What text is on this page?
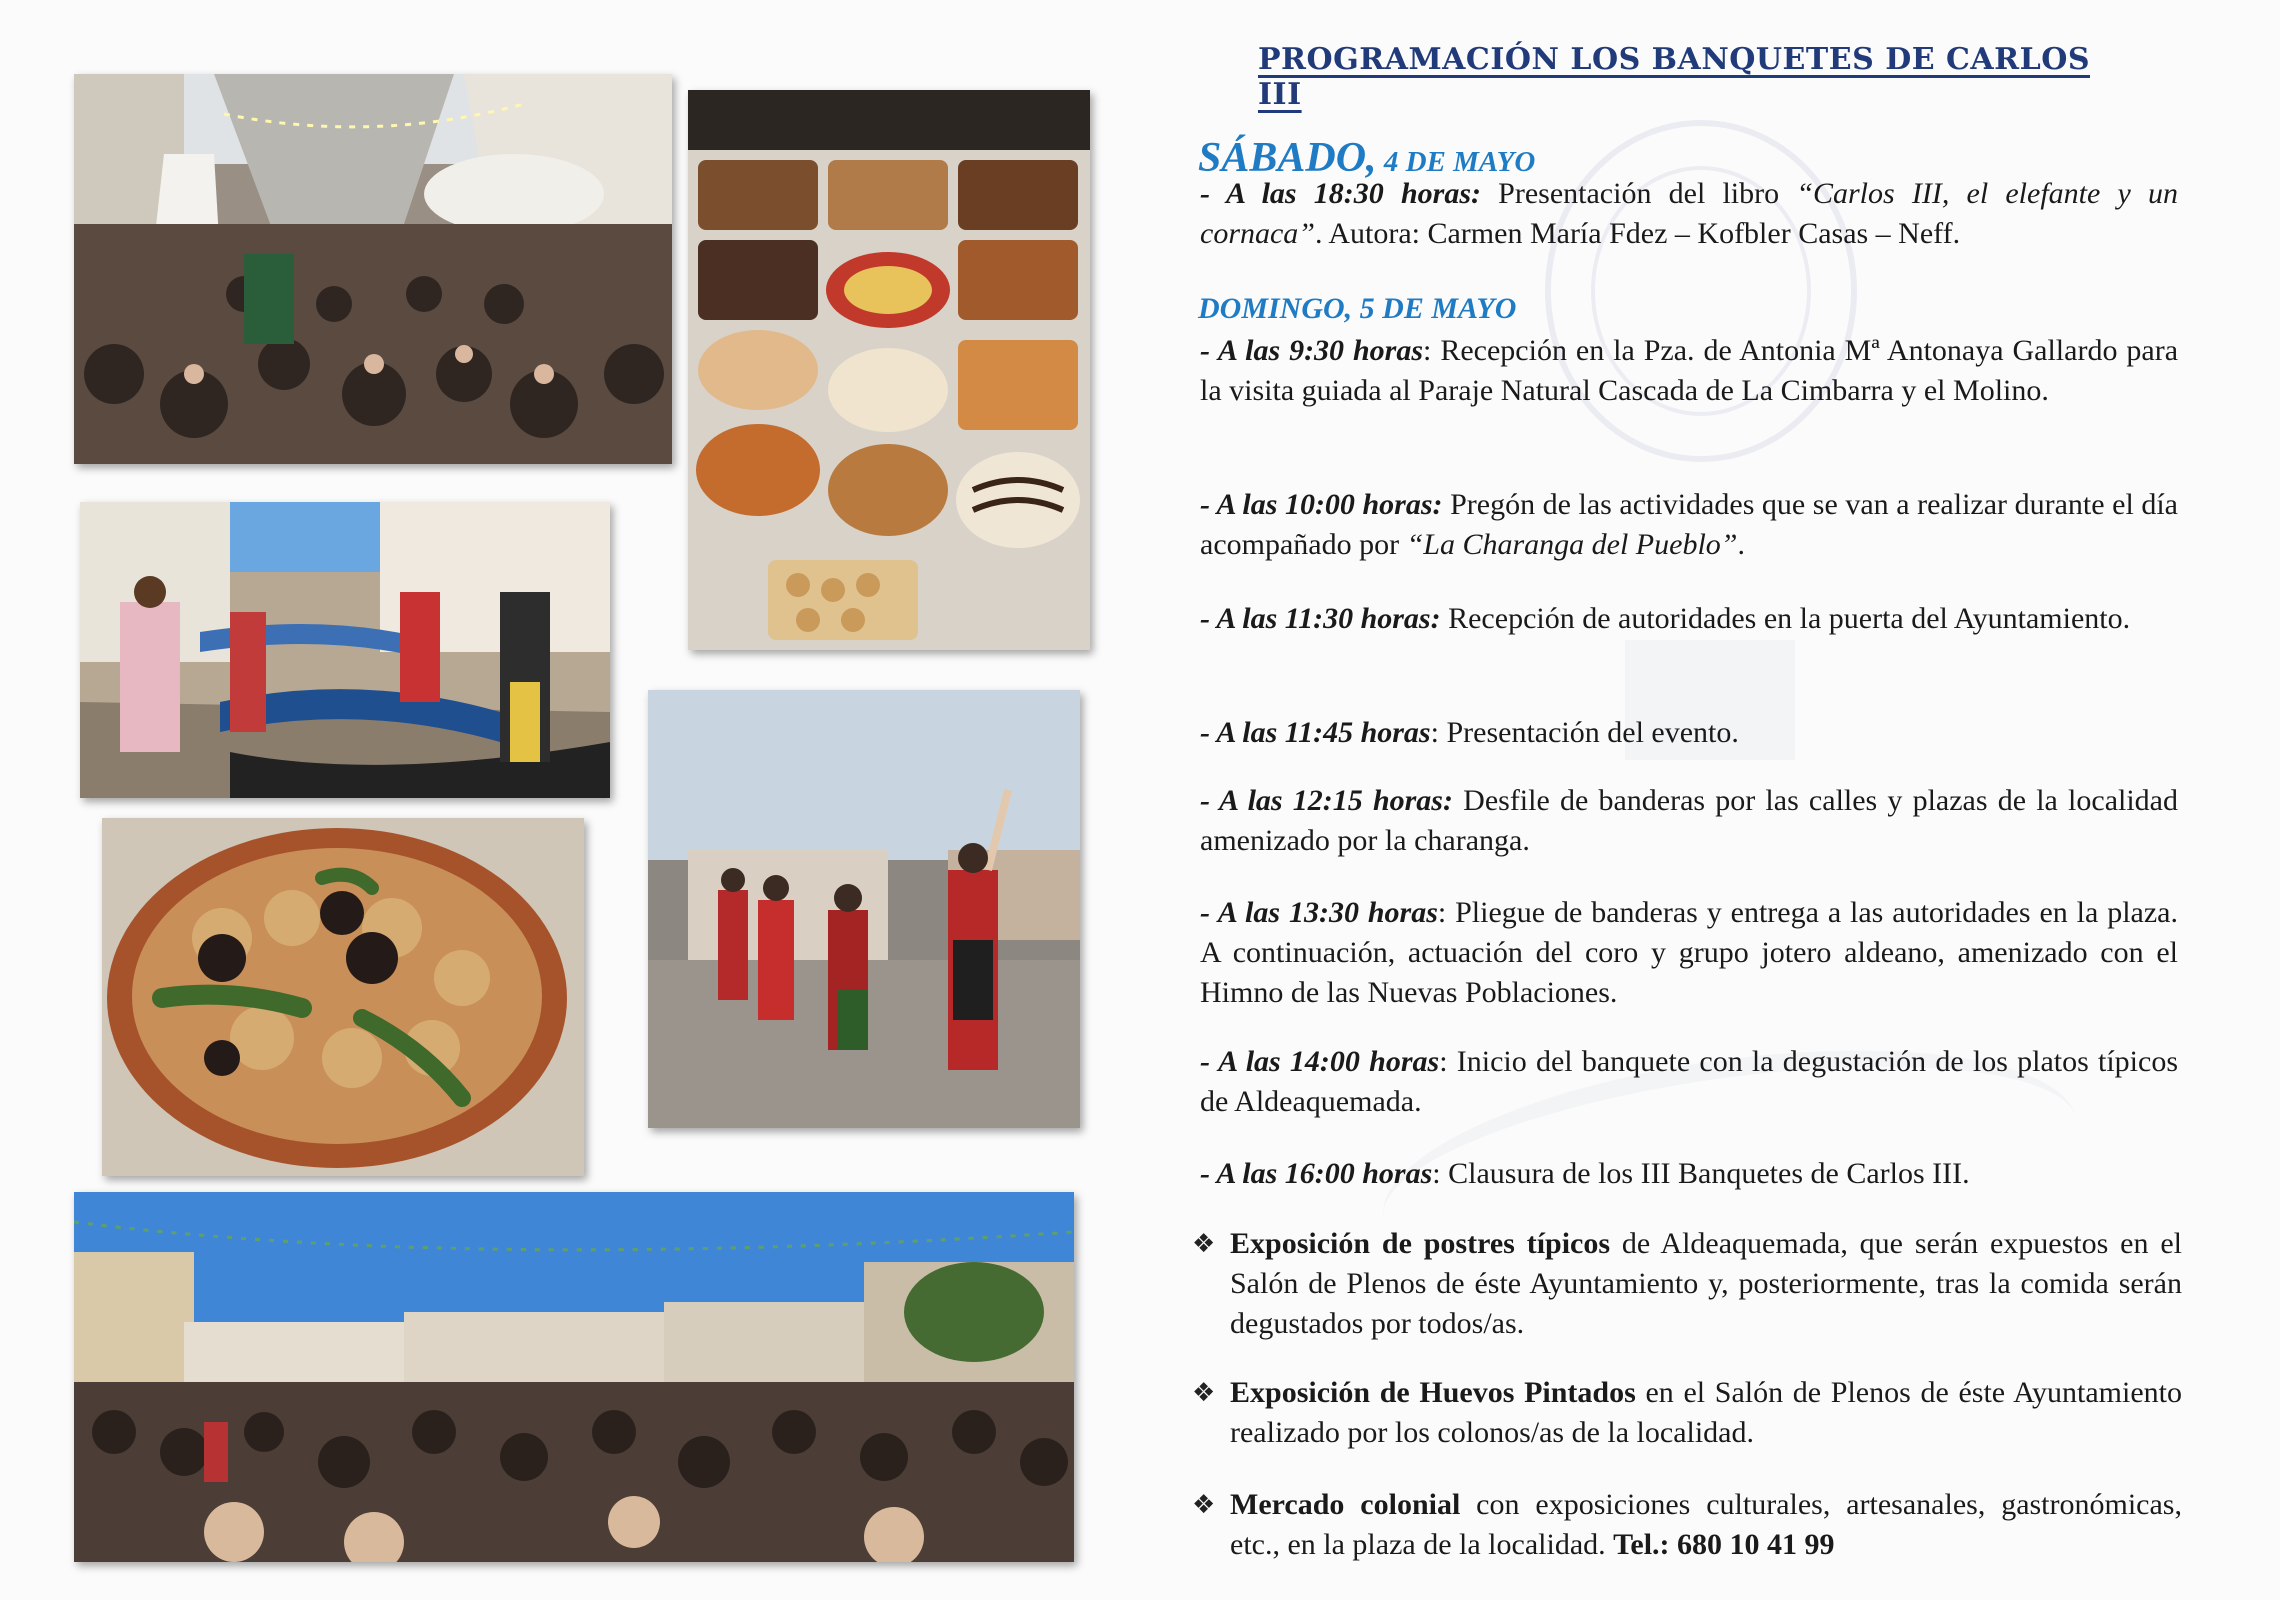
PROGRAMACIÓN LOS BANQUETES DE CARLOS III

SÁBADO, 4 DE MAYO

- A las 18:30 horas: Presentación del libro “Carlos III, el elefante y un cornaca”. Autora: Carmen María Fdez – Kofbler Casas – Neff.

DOMINGO, 5 DE MAYO

- A las 9:30 horas: Recepción en la Pza. de Antonia Mª Antonaya Gallardo para la visita guiada al Paraje Natural Cascada de La Cimbarra y el Molino.

- A las 10:00 horas: Pregón de las actividades que se van a realizar durante el día acompañado por “La Charanga del Pueblo”.

- A las 11:30 horas: Recepción de autoridades en la puerta del Ayuntamiento.

- A las 11:45 horas: Presentación del evento.

- A las 12:15 horas: Desfile de banderas por las calles y plazas de la localidad amenizado por la charanga.

- A las 13:30 horas: Pliegue de banderas y entrega a las autoridades en la plaza. A continuación, actuación del coro y grupo jotero aldeano, amenizado con el Himno de las Nuevas Poblaciones.

- A las 14:00 horas: Inicio del banquete con la degustación de los platos típicos de Aldeaquemada.

- A las 16:00 horas: Clausura de los III Banquetes de Carlos III.

❖ Exposición de postres típicos de Aldeaquemada, que serán expuestos en el Salón de Plenos de éste Ayuntamiento y, posteriormente, tras la comida serán degustados por todos/as.

❖ Exposición de Huevos Pintados en el Salón de Plenos de éste Ayuntamiento realizado por los colonos/as de la localidad.

❖ Mercado colonial con exposiciones culturales, artesanales, gastronómicas, etc., en la plaza de la localidad. Tel.: 680 10 41 99
